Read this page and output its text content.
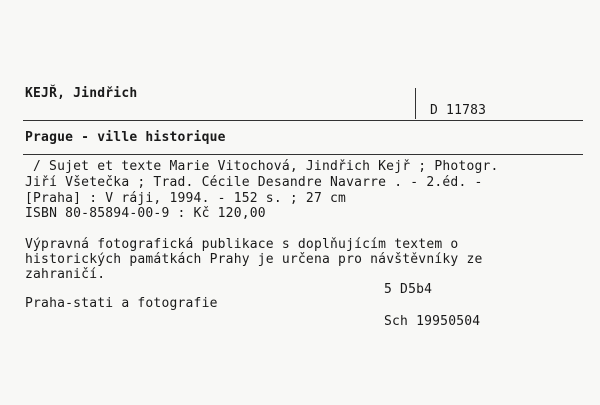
KEJŘ, Jindřich
D 11783
Prague - ville historique
/ Sujet et texte Marie Vitochová, Jindřich Kejř ; Photogr.
Jiří Všetečka ; Trad. Cécile Desandre Navarre . - 2.éd. -
[Praha] : V ráji, 1994. - 152 s. ; 27 cm
ISBN 80-85894-00-9 : Kč 120,00
Výpravná fotografická publikace s doplňujícím textem o
historických památkách Prahy je určena pro návštěvníky ze
zahraničí.
5 D5b4
Praha-stati a fotografie
Sch 19950504
